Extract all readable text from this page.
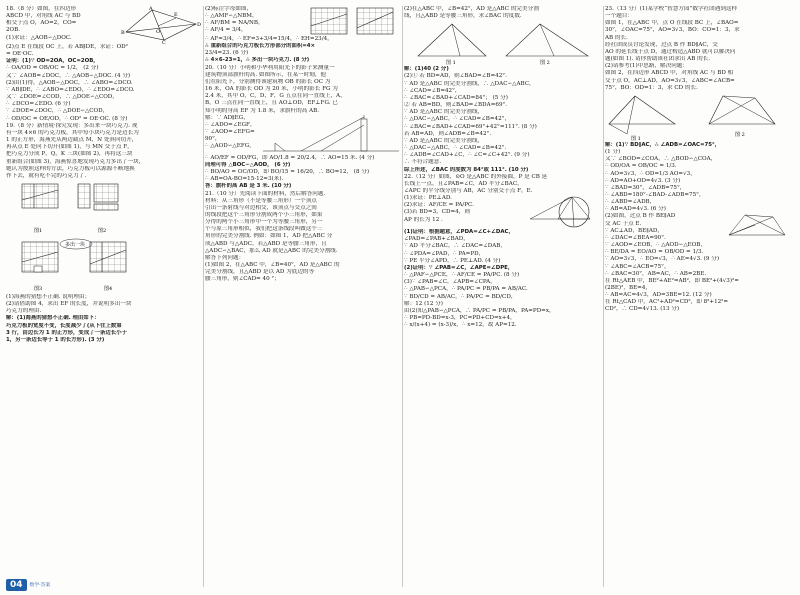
18.（8 分）如图，在四边形
ABCD 中，对角线 AC 与 BD
相交于点 O，AO=2，CO=
2OB.
(1)求证：△AOB∽△DOC.
A
B
C
D
E
O
(2)点 E 在线段 OC 上，若 AB∥DE，求证：OD²
= OE·OC.
证明：(1)∵ OD=2OA，OC=2OB，
∴ OA/OD = OB/OC = 1/2， (2 分)
又∵ ∠AOB=∠DOC，∴ △AOB∽△DOC. (4 分)
(2)由(1)得，△AOB∽△DOC，∴ ∠ABO=∠DCO.
∵ AB∥DE，∴ ∠ABO=∠EDO，∴ ∠EDO=∠DCO.
又∵ ∠DOE=∠COD，∴ △DOE∽△COD，
∴ ∠DCO=∠EDO. (6 分)
∵ ∠DOE=∠DOC，∴ △DOE∽△COD，
∴ OD/OC = OE/OD，∴ OD² = OE·OC. (8 分)
19.（8 分）新情境·探究发现：多出来一块巧克力. 现
有一块 4×6 的巧克力板，其中每小块巧克力是边长为
1 的正方形，海燕先从两边截点 M，N 处斜向切开，
再从点 E 处向下切开(如图 1)，与 MN 交于点 F，
把巧克力分成 P，Q，K 三块(如图 2)，再将这三块
重新组合(如图 3)，海燕惊喜地发现巧克力多出了一块，
她认为按照这样的方法，巧克力板可以源源不断地换
作下去，就有吃不完的巧克力了.
图1	图2
多出一块
图3	图4
(1)海燕的猜想不正确. 说明理由；
(2)请借助图 4，求出 EF 的长度，并说明多出一块
巧克力的理由.
解：(1)海燕的猜想不正确. 理由如下：
巧克力板的宽度不变，长度减少了(从下往上数第
3 行，由边长为 1 的正方形，变成了一条边长小于
1，另一条边长等于 1 的长方形). (3 分)
(2)标注字母如图，
∴ △AMF∽△NBM，
∴ AF/BM = NA/NB，
∴ AF/4 = 3/4，
∴ AF=3/4，∴ EF=3+3/4=15/4，∴ EH=23/4，
∴ 重新组合的巧克力板长方形部分的面积=4×
23/4=23. (6 分)
∴ 4×6-23=1，∴ 多出一块巧克力. (8 分)
20.（10 分）小明和小华利用阳光下的影子来测量一
建筑物顶部旗杆的高. 如图所示，在某一时刻，他
们在阳光下，分别测得该建筑物 OB 的影长 OC 为
16 米，OA 的影长 OD 为 20 米，小明的影长 FG 为
2.4 米，其中 O，C，D，F，G 五点在同一直线上，A，
B，O 三点在同一直线上，且 AO⊥OD，EF⊥FG. 已
知小明的身高 EF 为 1.8 米，求旗杆的高 AB.
解：∵ AD∥EG，
∴ ∠ADO=∠EGF，
∵ ∠AOD=∠EFG=
90°，
∴ △AOD∽△EFG，
∴ AO/EF = OD/FG，即 AO/1.8 = 20/2.4，∴ AO=15 米. (4 分)
同理可得 △BOC∽△AOD， (6 分)
∴ BO/AO = OC/OD，即 BO/15 = 16/20，∴ BO=12， (8 分)
∴ AB=OA-BO=15-12=3(米).
答：旗杆的高 AB 是 3 米. (10 分)
21.（10 分）先阅读下面的材料，然后解答问题.
材料：从三角形（不是等腰三角形）一个顶点
引出一条射线与对边相交，该顶点与交点之间
的线段把这个三角形分割成两个小三角形，如果
分得的两个小三角形中一个为等腰三角形，另一
个与原三角形相似，我们把这条线段叫做这个三
角形的完美分割线. 例如：如图 1，AD 把△ABC 分
成△ABD 与△ADC，若△ABD 是等腰三角形，且
△ADC∽△BAC，那么 AD 就是△ABC 的完美分割线.
解答下列问题：
(1)如图 2，在△ABC 中，∠B=40°，AD 是△ABC 的
完美分割线，且△ABD 是以 AD 为底边的等
腰三角形，则∠CAD= 40 °；
(2)在△ABC 中，∠B=42°，AD 是△ABC 的完美分割
线，且△ABD 是等腰三角形，求∠BAC 的度数.
图 1	图 2
解：(1)40 (2 分)
(2)① 若 BD=AD，则∠BAD=∠B=42°.
∵ AD 是△ABC 的完美分割线，∴ △DAC∽△ABC，
∴ ∠CAD=∠B=42°，
∴ ∠BAC=∠BAD+∠CAD=84°； (5 分)
② 若 AB=BD，则∠BAD=∠BDA=69°.
∵ AD 是△ABC 的完美分割线，
∴ △DAC∽△ABC，∴ ∠CAD=∠B=42°，
∴ ∠BAC=∠BAD+∠CAD=69°+42°=111°. (8 分)
若 AB=AD，则∠ADB=∠B=42°.
∵ AD 是△ABC 的完美分割线，
∴ △DAC∽△ABC，∴ ∠CAD=∠B=42°.
∴ ∠ADB=∠CAD+∠C，∴ ∠C=∠C+42°. (9 分)
∴ 不符合题意.
综上所述，∠BAC 的度数为 84°或 111°. (10 分)
22.（12 分）如图，⊙O 是△ABC 的外接圆，P 是 CB 延
长线上一点，且∠PAB=∠C，AD 平分∠BAC，
∠APC 的平分线分别与 AB，AC 分别交于点 F，E.
(1)求证：PE⊥AD.
(2)求证：AF/CE = PA/PC.
(3)若 BD=3，CD=4，则
AP 的长为 12 .
(1)证明：根据题意，∠PDA=∠C+∠DAC，
∠PAD=∠PAB+∠BAD，
∵ AD 平分∠BAC，∴ ∠DAC=∠DAB，
∴ ∠PDA=∠PAD，∴ PA=PD，
∵ PE 平分∠APD，∴ PE⊥AD. (4 分)
(2)证明：∵ ∠PAB=∠C，∠APE=∠DPE，
∴ △PAF∽△PCE，∴ AF/CE = PA/PC. (8 分)
(3)∵ ∠PAB=∠C，∠APB=∠CPA，
∴ △PAB∽△PCA，∴ PA/PC = PB/PA = AB/AC.
∵ BD/CD = AB/AC，∴ PA/PC = BD/CD，
解：12 (12 分)
由(2)知△PAB∽△PCA，∴ PA/PC = PB/PA，PA=PD=x，
∴ PB=PD-BD=x-3，PC=PD+CD=x+4，
∴ x/(x+4) = (x-3)/x，∴ x=12，故 AP=12.
23.（13 分）(1)某学校“智慧方园”数学社团遇到这样
一个题目：
如图 1，在△ABC 中，点 O 在线段 BC 上，∠BAO=
30°，∠OAC=75°，AO=3√3，BO：CO=1：3，求
AB 的长.
经社团成员讨论发现，过点 B 作 BD∥AC，交
AO 的延长线于点 D，通过构造△ABD 就可以解决问
题(如图 1). 请你帮助该社团求出 AB 的长.
(2)请参考(1)中思路，解决问题：
如图 2，在四边形 ABCD 中，对角线 AC 与 BD 相
交于点 O，AC⊥AD，AO=3√3，∠ABC=∠ACB=
75°，BO：OD=1：3，求 CD 的长.
图 1
图 2
解：(1)∵ BD∥AC，∴ ∠ADB=∠OAC=75°，
(1 分)
又∵ ∠BOD=∠COA，∴ △BOD∽△COA，
∴ OD/OA = OB/OC = 1/3.
∴ AO=3√3，∴ OD=1/3 AO=√3，
∴ AD=AO+OD=4√3. (3 分)
∵ ∠BAD=30°，∠ADB=75°，
∴ ∠ABD=180°-∠BAD-∠ADB=75°，
∴ ∠ABD=∠ADB，
∴ AB=AD=4√3. (6 分)
(2)如图，过点 B 作 BE∥AD
交 AC 于点 E.
∵ AC⊥AD，BE∥AD，
∴ ∠DAC=∠BEA=90°.
∵ ∠AOD=∠EOB，∴ △AOD∽△EOB，
∴ BE/DA = EO/AO = OB/OD = 1/3.
∵ AO=3√3，∴ EO=√3，∴ AE=4√3. (9 分)
∵ ∠ABC=∠ACB=75°，
∴ ∠BAC=30°，AB=AC，∴ AB=2BE.
在 Rt△AEB 中，BE²+AE²=AB²，即 BE²+(4√3)²=
(2BE)²，BE=4，
∴ AB=AC=4√3，AD=3BE=12. (12 分)
在 Rt△CAD 中，AC²+AD²=CD²，即 8²+12²=
CD²，∴ CD=4√13. (13 分)
04	数学·答案
